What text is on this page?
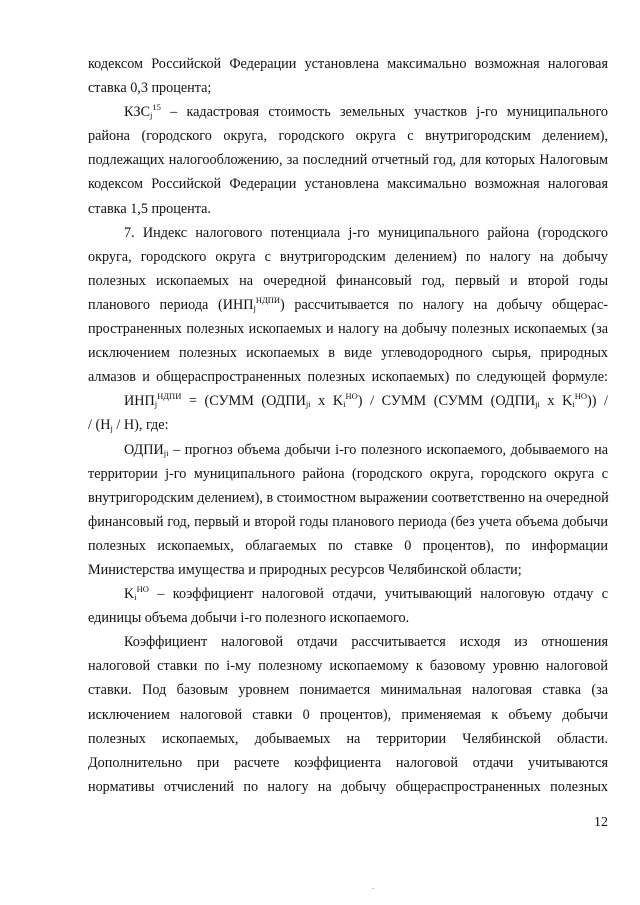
кодексом Российской Федерации установлена максимально возможная налоговая
ставка 0,3 процента;
$КЗС_j^{15}$ – кадастровая стоимость земельных участков j-го муниципального
района (городского округа, городского округа с внутригородским делением),
подлежащих налогообложению, за последний отчетный год, для которых Налоговым
кодексом Российской Федерации установлена максимально возможная налоговая
ставка 1,5 процента.
7. Индекс налогового потенциала j-го муниципального района (городского
округа, городского округа с внутригородским делением) по налогу на добычу
полезных ископаемых на очередной финансовый год, первый и второй годы
планового периода $(ИНП_j^{НДПИ})$ рассчитывается по налогу на добычу общерас-
пространенных полезных ископаемых и налогу на добычу полезных ископаемых (за
исключением полезных ископаемых в виде углеводородного сырья, природных
алмазов и общераспространенных полезных ископаемых) по следующей формуле:
$ИНП_j^{НДПИ}$ = (СУММ ($ОДПИ_{ji}$ x $K_i^{НО}$) / СУММ (СУММ ($ОДПИ_{ji}$ x $K_i^{НО}$)) /
/ $(H_j / H)$, где:
$ОДПИ_{ji}$ – прогноз объема добычи i-го полезного ископаемого, добываемого на
территории j-го муниципального района (городского округа, городского округа с
внутригородским делением), в стоимостном выражении соответственно на очередной
финансовый год, первый и второй годы планового периода (без учета объема добычи
полезных ископаемых, облагаемых по ставке 0 процентов), по информации
Министерства имущества и природных ресурсов Челябинской области;
$K_i^{НО}$ – коэффициент налоговой отдачи, учитывающий налоговую отдачу с
единицы объема добычи i-го полезного ископаемого.
Коэффициент налоговой отдачи рассчитывается исходя из отношения
налоговой ставки по i-му полезному ископаемому к базовому уровню налоговой
ставки. Под базовым уровнем понимается минимальная налоговая ставка (за
исключением налоговой ставки 0 процентов), применяемая к объему добычи
полезных ископаемых, добываемых на территории Челябинской области.
Дополнительно при расчете коэффициента налоговой отдачи учитываются
нормативы отчислений по налогу на добычу общераспространенных полезных
12
.
